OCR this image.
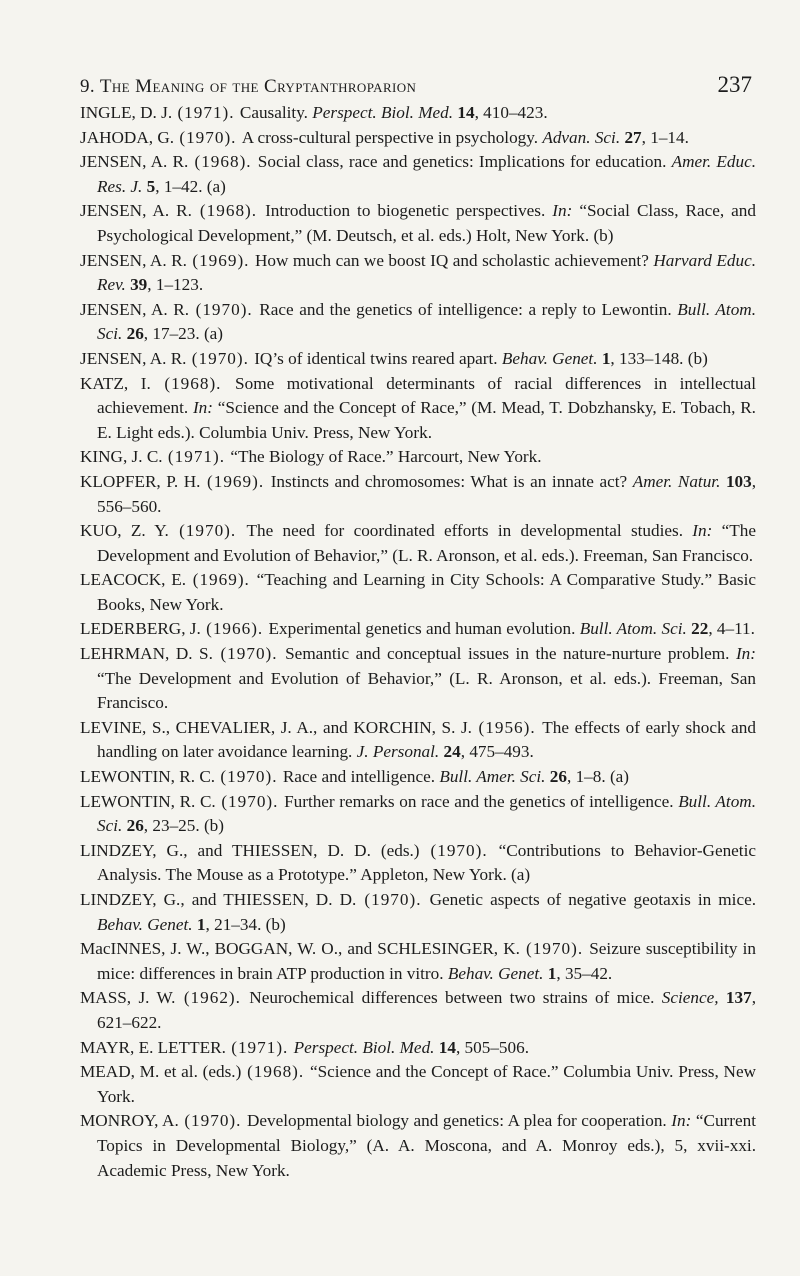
9. The Meaning of the Cryptanthroparion	237
INGLE, D. J. (1971). Causality. Perspect. Biol. Med. 14, 410–423.
JAHODA, G. (1970). A cross-cultural perspective in psychology. Advan. Sci. 27, 1–14.
JENSEN, A. R. (1968). Social class, race and genetics: Implications for education. Amer. Educ. Res. J. 5, 1–42. (a)
JENSEN, A. R. (1968). Introduction to biogenetic perspectives. In: “Social Class, Race, and Psychological Development,” (M. Deutsch, et al. eds.) Holt, New York. (b)
JENSEN, A. R. (1969). How much can we boost IQ and scholastic achievement? Harvard Educ. Rev. 39, 1–123.
JENSEN, A. R. (1970). Race and the genetics of intelligence: a reply to Lewontin. Bull. Atom. Sci. 26, 17–23. (a)
JENSEN, A. R. (1970). IQ’s of identical twins reared apart. Behav. Genet. 1, 133–148. (b)
KATZ, I. (1968). Some motivational determinants of racial differences in intellectual achievement. In: “Science and the Concept of Race,” (M. Mead, T. Dobzhansky, E. Tobach, R. E. Light eds.). Columbia Univ. Press, New York.
KING, J. C. (1971). “The Biology of Race.” Harcourt, New York.
KLOPFER, P. H. (1969). Instincts and chromosomes: What is an innate act? Amer. Natur. 103, 556–560.
KUO, Z. Y. (1970). The need for coordinated efforts in developmental studies. In: “The Development and Evolution of Behavior,” (L. R. Aronson, et al. eds.). Freeman, San Francisco.
LEACOCK, E. (1969). “Teaching and Learning in City Schools: A Comparative Study.” Basic Books, New York.
LEDERBERG, J. (1966). Experimental genetics and human evolution. Bull. Atom. Sci. 22, 4–11.
LEHRMAN, D. S. (1970). Semantic and conceptual issues in the nature-nurture problem. In: “The Development and Evolution of Behavior,” (L. R. Aronson, et al. eds.). Freeman, San Francisco.
LEVINE, S., CHEVALIER, J. A., and KORCHIN, S. J. (1956). The effects of early shock and handling on later avoidance learning. J. Personal. 24, 475–493.
LEWONTIN, R. C. (1970). Race and intelligence. Bull. Amer. Sci. 26, 1–8. (a)
LEWONTIN, R. C. (1970). Further remarks on race and the genetics of intelligence. Bull. Atom. Sci. 26, 23–25. (b)
LINDZEY, G., and THIESSEN, D. D. (eds.) (1970). “Contributions to Behavior-Genetic Analysis. The Mouse as a Prototype.” Appleton, New York. (a)
LINDZEY, G., and THIESSEN, D. D. (1970). Genetic aspects of negative geotaxis in mice. Behav. Genet. 1, 21–34. (b)
MacINNES, J. W., BOGGAN, W. O., and SCHLESINGER, K. (1970). Seizure susceptibility in mice: differences in brain ATP production in vitro. Behav. Genet. 1, 35–42.
MASS, J. W. (1962). Neurochemical differences between two strains of mice. Science, 137, 621–622.
MAYR, E. LETTER. (1971). Perspect. Biol. Med. 14, 505–506.
MEAD, M. et al. (eds.) (1968). “Science and the Concept of Race.” Columbia Univ. Press, New York.
MONROY, A. (1970). Developmental biology and genetics: A plea for cooperation. In: “Current Topics in Developmental Biology,” (A. A. Moscona, and A. Monroy eds.), 5, xvii-xxi. Academic Press, New York.
